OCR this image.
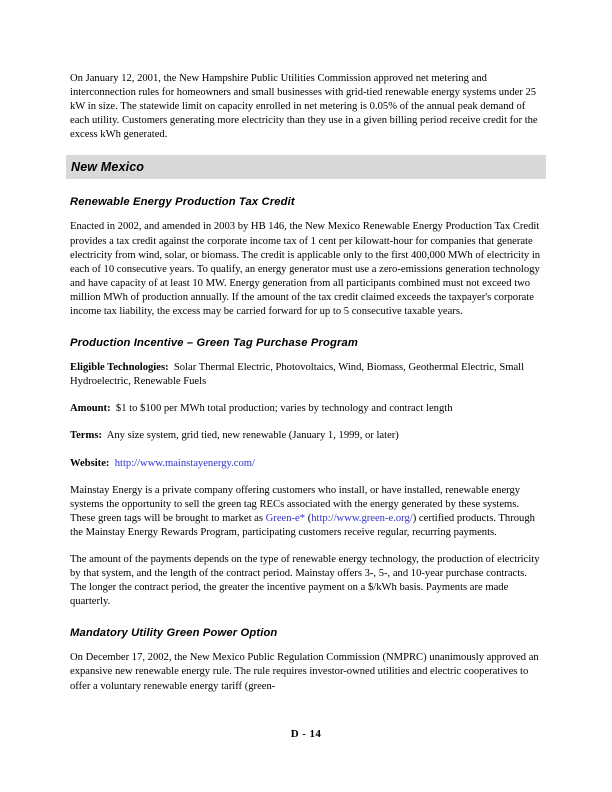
On January 12, 2001, the New Hampshire Public Utilities Commission approved net metering and interconnection rules for homeowners and small businesses with grid-tied renewable energy systems under 25 kW in size. The statewide limit on capacity enrolled in net metering is 0.05% of the annual peak demand of each utility. Customers generating more electricity than they use in a given billing period receive credit for the excess kWh generated.

New Mexico
Renewable Energy Production Tax Credit

Enacted in 2002, and amended in 2003 by HB 146, the New Mexico Renewable Energy Production Tax Credit provides a tax credit against the corporate income tax of 1 cent per kilowatt-hour for companies that generate electricity from wind, solar, or biomass. The credit is applicable only to the first 400,000 MWh of electricity in each of 10 consecutive years. To qualify, an energy generator must use a zero-emissions generation technology and have capacity of at least 10 MW. Energy generation from all participants combined must not exceed two million MWh of production annually. If the amount of the tax credit claimed exceeds the taxpayer's corporate income tax liability, the excess may be carried forward for up to 5 consecutive taxable years.

Production Incentive – Green Tag Purchase Program

Eligible Technologies: Solar Thermal Electric, Photovoltaics, Wind, Biomass, Geothermal Electric, Small Hydroelectric, Renewable Fuels

Amount: $1 to $100 per MWh total production; varies by technology and contract length

Terms: Any size system, grid tied, new renewable (January 1, 1999, or later)

Website: http://www.mainstayenergy.com/

Mainstay Energy is a private company offering customers who install, or have installed, renewable energy systems the opportunity to sell the green tag RECs associated with the energy generated by these systems. These green tags will be brought to market as Green-e* (http://www.green-e.org/) certified products. Through the Mainstay Energy Rewards Program, participating customers receive regular, recurring payments.

The amount of the payments depends on the type of renewable energy technology, the production of electricity by that system, and the length of the contract period. Mainstay offers 3-, 5-, and 10-year purchase contracts. The longer the contract period, the greater the incentive payment on a $/kWh basis. Payments are made quarterly.

Mandatory Utility Green Power Option

On December 17, 2002, the New Mexico Public Regulation Commission (NMPRC) unanimously approved an expansive new renewable energy rule. The rule requires investor-owned utilities and electric cooperatives to offer a voluntary renewable energy tariff (green-

D - 14
